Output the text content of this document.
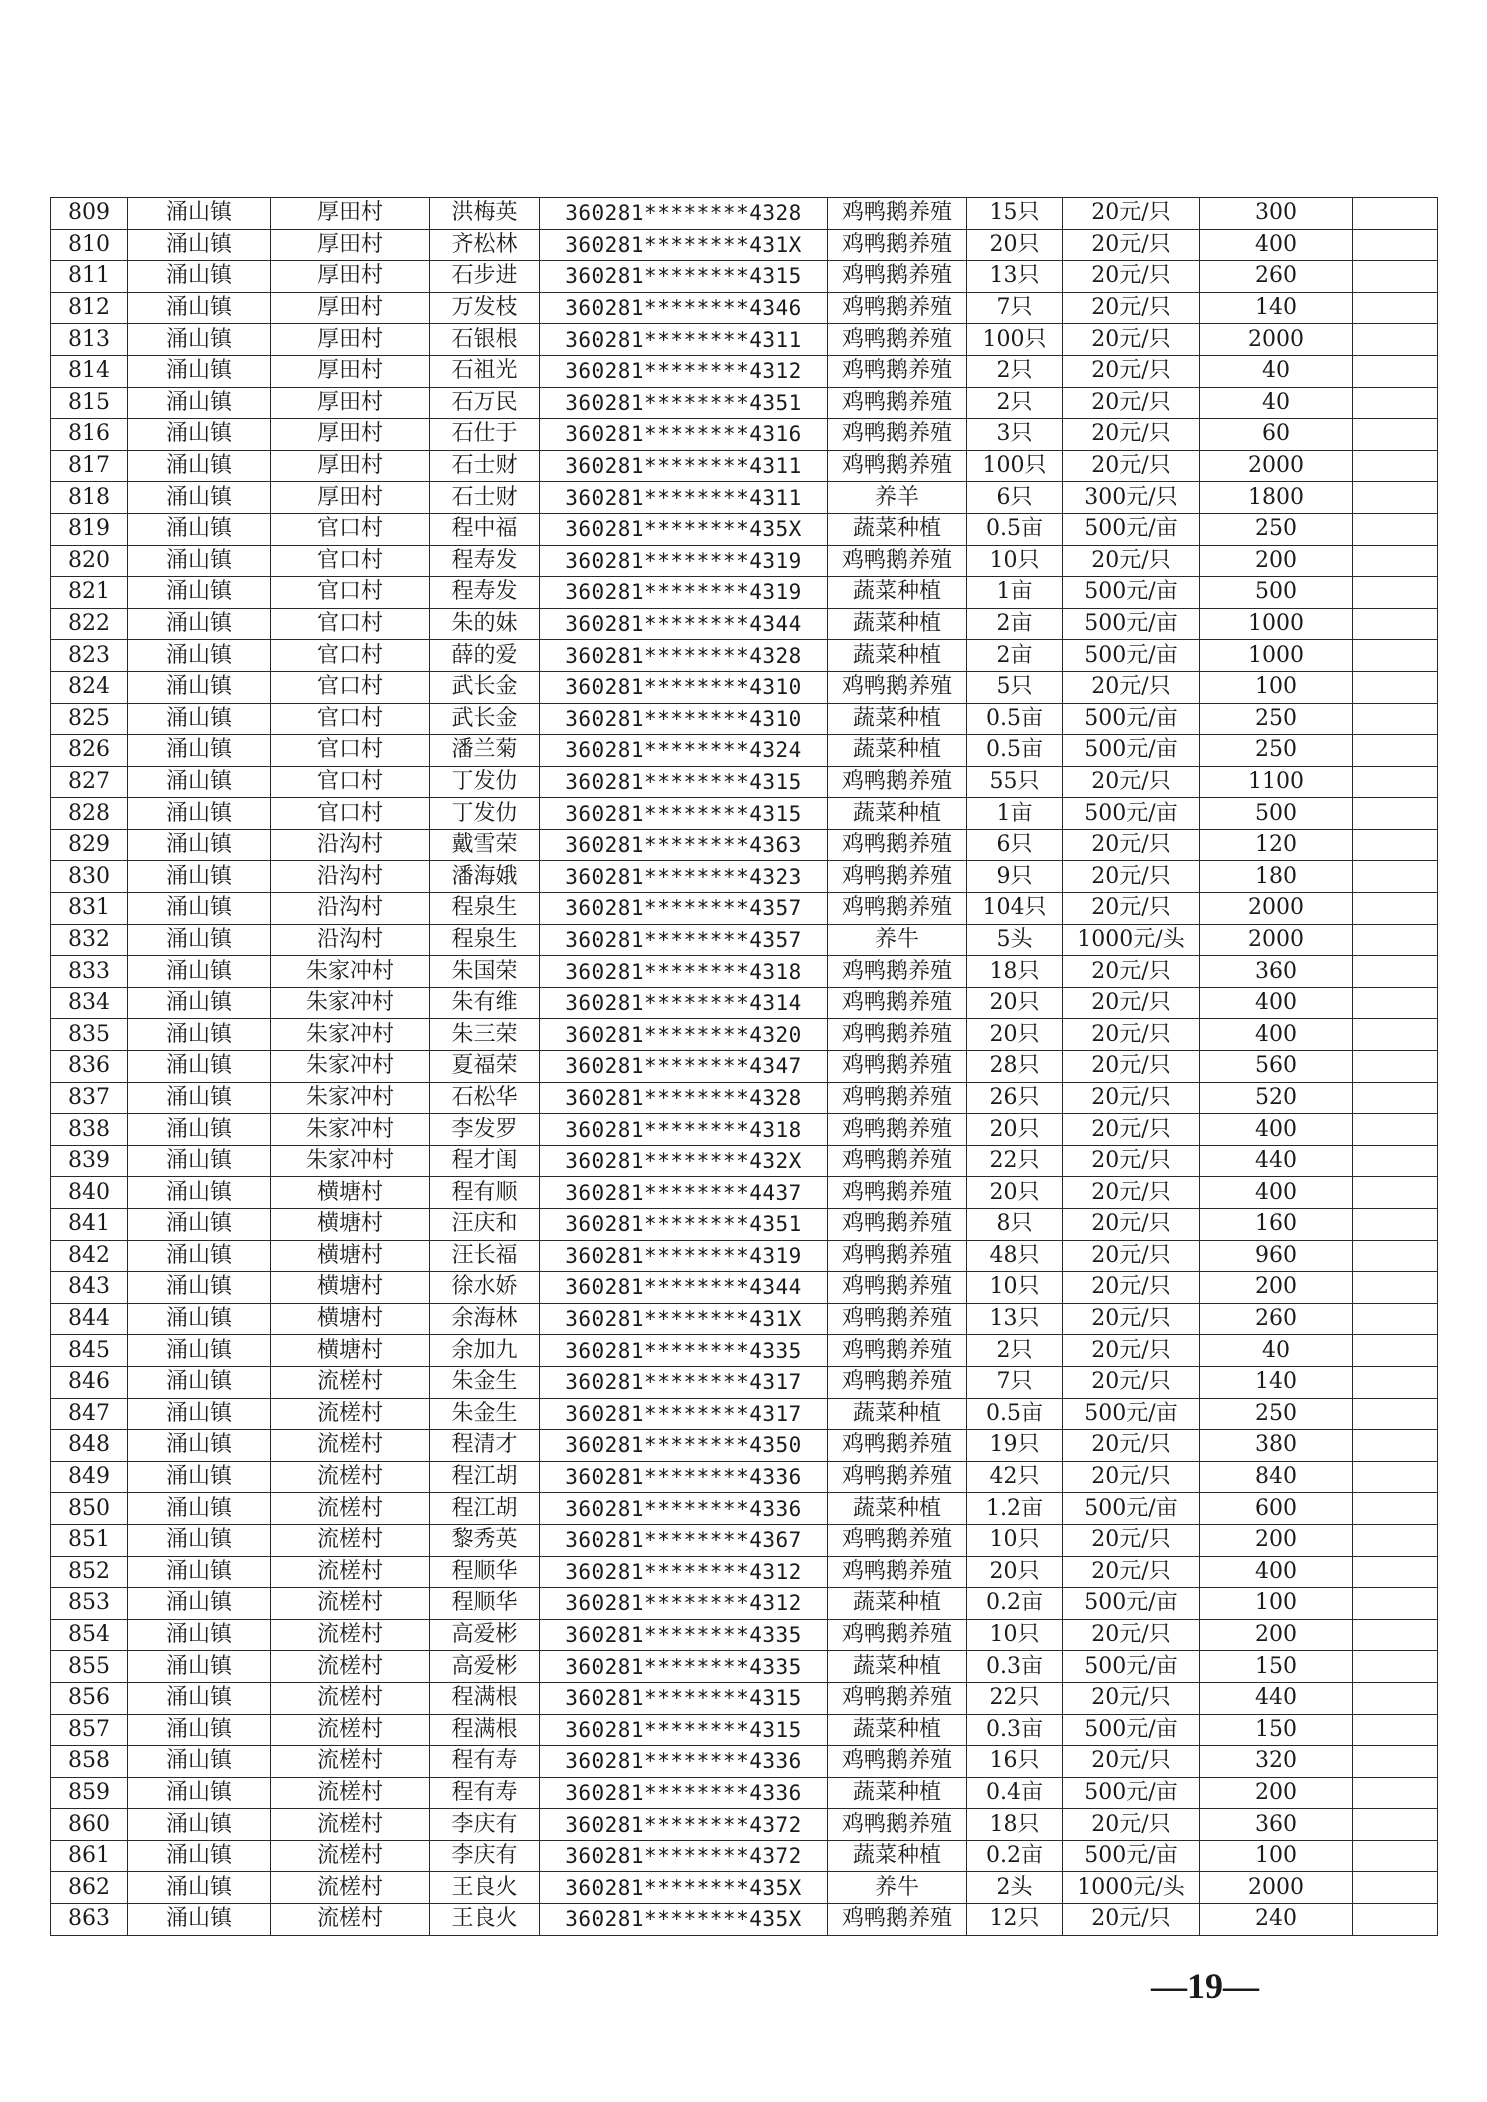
809	涌山镇	厚田村	洪梅英	360281********4328	鸡鸭鹅养殖	15只	20元/只	300	
810	涌山镇	厚田村	齐松林	360281********431X	鸡鸭鹅养殖	20只	20元/只	400	
811	涌山镇	厚田村	石步进	360281********4315	鸡鸭鹅养殖	13只	20元/只	260	
812	涌山镇	厚田村	万发枝	360281********4346	鸡鸭鹅养殖	7只	20元/只	140	
813	涌山镇	厚田村	石银根	360281********4311	鸡鸭鹅养殖	100只	20元/只	2000	
814	涌山镇	厚田村	石祖光	360281********4312	鸡鸭鹅养殖	2只	20元/只	40	
815	涌山镇	厚田村	石万民	360281********4351	鸡鸭鹅养殖	2只	20元/只	40	
816	涌山镇	厚田村	石仕于	360281********4316	鸡鸭鹅养殖	3只	20元/只	60	
817	涌山镇	厚田村	石士财	360281********4311	鸡鸭鹅养殖	100只	20元/只	2000	
818	涌山镇	厚田村	石士财	360281********4311	养羊	6只	300元/只	1800	
819	涌山镇	官口村	程中福	360281********435X	蔬菜种植	0.5亩	500元/亩	250	
820	涌山镇	官口村	程寿发	360281********4319	鸡鸭鹅养殖	10只	20元/只	200	
821	涌山镇	官口村	程寿发	360281********4319	蔬菜种植	1亩	500元/亩	500	
822	涌山镇	官口村	朱的妹	360281********4344	蔬菜种植	2亩	500元/亩	1000	
823	涌山镇	官口村	薛的爱	360281********4328	蔬菜种植	2亩	500元/亩	1000	
824	涌山镇	官口村	武长金	360281********4310	鸡鸭鹅养殖	5只	20元/只	100	
825	涌山镇	官口村	武长金	360281********4310	蔬菜种植	0.5亩	500元/亩	250	
826	涌山镇	官口村	潘兰菊	360281********4324	蔬菜种植	0.5亩	500元/亩	250	
827	涌山镇	官口村	丁发仂	360281********4315	鸡鸭鹅养殖	55只	20元/只	1100	
828	涌山镇	官口村	丁发仂	360281********4315	蔬菜种植	1亩	500元/亩	500	
829	涌山镇	沿沟村	戴雪荣	360281********4363	鸡鸭鹅养殖	6只	20元/只	120	
830	涌山镇	沿沟村	潘海娥	360281********4323	鸡鸭鹅养殖	9只	20元/只	180	
831	涌山镇	沿沟村	程泉生	360281********4357	鸡鸭鹅养殖	104只	20元/只	2000	
832	涌山镇	沿沟村	程泉生	360281********4357	养牛	5头	1000元/头	2000	
833	涌山镇	朱家冲村	朱国荣	360281********4318	鸡鸭鹅养殖	18只	20元/只	360	
834	涌山镇	朱家冲村	朱有维	360281********4314	鸡鸭鹅养殖	20只	20元/只	400	
835	涌山镇	朱家冲村	朱三荣	360281********4320	鸡鸭鹅养殖	20只	20元/只	400	
836	涌山镇	朱家冲村	夏福荣	360281********4347	鸡鸭鹅养殖	28只	20元/只	560	
837	涌山镇	朱家冲村	石松华	360281********4328	鸡鸭鹅养殖	26只	20元/只	520	
838	涌山镇	朱家冲村	李发罗	360281********4318	鸡鸭鹅养殖	20只	20元/只	400	
839	涌山镇	朱家冲村	程才闺	360281********432X	鸡鸭鹅养殖	22只	20元/只	440	
840	涌山镇	横塘村	程有顺	360281********4437	鸡鸭鹅养殖	20只	20元/只	400	
841	涌山镇	横塘村	汪庆和	360281********4351	鸡鸭鹅养殖	8只	20元/只	160	
842	涌山镇	横塘村	汪长福	360281********4319	鸡鸭鹅养殖	48只	20元/只	960	
843	涌山镇	横塘村	徐水娇	360281********4344	鸡鸭鹅养殖	10只	20元/只	200	
844	涌山镇	横塘村	余海林	360281********431X	鸡鸭鹅养殖	13只	20元/只	260	
845	涌山镇	横塘村	余加九	360281********4335	鸡鸭鹅养殖	2只	20元/只	40	
846	涌山镇	流槎村	朱金生	360281********4317	鸡鸭鹅养殖	7只	20元/只	140	
847	涌山镇	流槎村	朱金生	360281********4317	蔬菜种植	0.5亩	500元/亩	250	
848	涌山镇	流槎村	程清才	360281********4350	鸡鸭鹅养殖	19只	20元/只	380	
849	涌山镇	流槎村	程江胡	360281********4336	鸡鸭鹅养殖	42只	20元/只	840	
850	涌山镇	流槎村	程江胡	360281********4336	蔬菜种植	1.2亩	500元/亩	600	
851	涌山镇	流槎村	黎秀英	360281********4367	鸡鸭鹅养殖	10只	20元/只	200	
852	涌山镇	流槎村	程顺华	360281********4312	鸡鸭鹅养殖	20只	20元/只	400	
853	涌山镇	流槎村	程顺华	360281********4312	蔬菜种植	0.2亩	500元/亩	100	
854	涌山镇	流槎村	高爱彬	360281********4335	鸡鸭鹅养殖	10只	20元/只	200	
855	涌山镇	流槎村	高爱彬	360281********4335	蔬菜种植	0.3亩	500元/亩	150	
856	涌山镇	流槎村	程满根	360281********4315	鸡鸭鹅养殖	22只	20元/只	440	
857	涌山镇	流槎村	程满根	360281********4315	蔬菜种植	0.3亩	500元/亩	150	
858	涌山镇	流槎村	程有寿	360281********4336	鸡鸭鹅养殖	16只	20元/只	320	
859	涌山镇	流槎村	程有寿	360281********4336	蔬菜种植	0.4亩	500元/亩	200	
860	涌山镇	流槎村	李庆有	360281********4372	鸡鸭鹅养殖	18只	20元/只	360	
861	涌山镇	流槎村	李庆有	360281********4372	蔬菜种植	0.2亩	500元/亩	100	
862	涌山镇	流槎村	王良火	360281********435X	养牛	2头	1000元/头	2000	
863	涌山镇	流槎村	王良火	360281********435X	鸡鸭鹅养殖	12只	20元/只	240	
—19—
